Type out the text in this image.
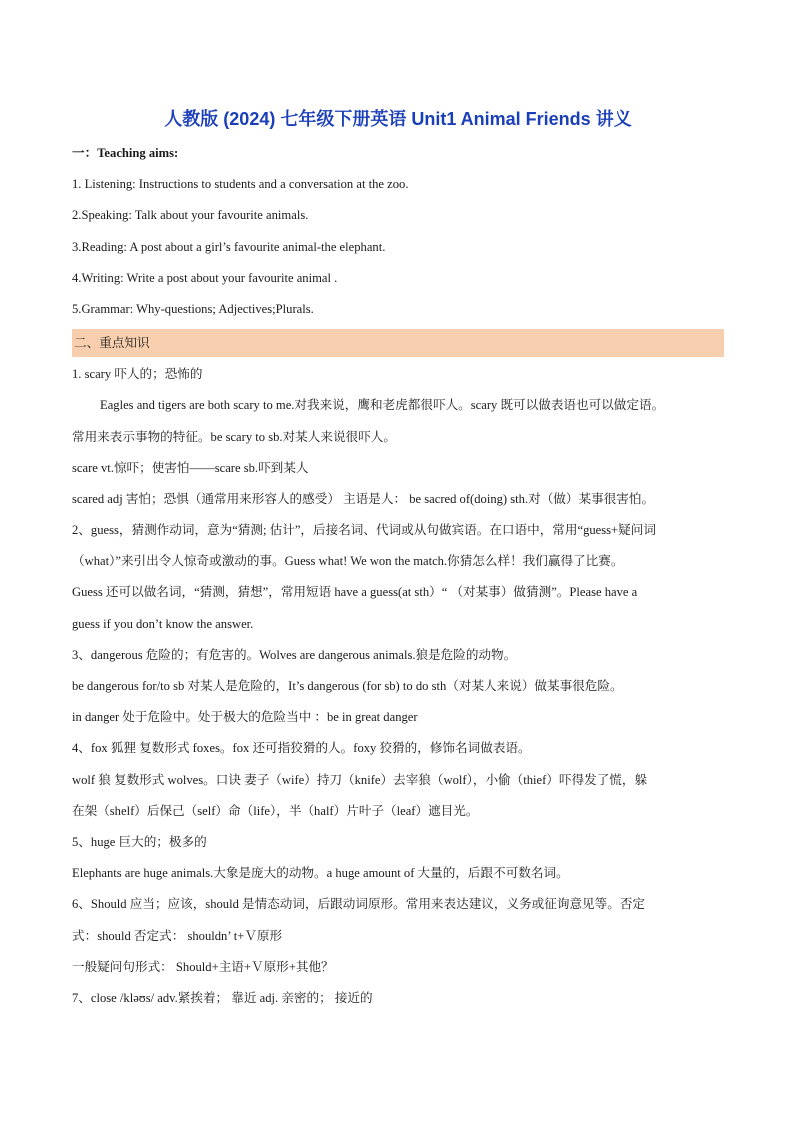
人教版 (2024) 七年级下册英语 Unit1 Animal Friends 讲义
一：Teaching aims:
1. Listening: Instructions to students and a conversation at the zoo.
2.Speaking: Talk about your favourite animals.
3.Reading: A post about a girl’s favourite animal-the elephant.
4.Writing: Write a post about your favourite animal .
5.Grammar: Why-questions; Adjectives;Plurals.
二、重点知识
1. scary 吓人的；恐怖的
Eagles and tigers are both scary to me.对我来说，鹰和老虎都很吓人。scary 既可以做表语也可以做定语。
常用来表示事物的特征。be scary to sb.对某人来说很吓人。
scare vt.惊吓；使害怕——scare sb.吓到某人
scared adj 害怕；恐惧（通常用来形容人的感受） 主语是人： be sacred of(doing) sth.对（做）某事很害怕。
2、guess，猜测作动词，意为“猜测; 估计”，后接名词、代词或从句做宾语。在口语中，常用“guess+疑问词
（what）”来引出令人惊奇或激动的事。Guess what! We won the match.你猜怎么样！我们赢得了比赛。
Guess 还可以做名词，“猜测，猜想”，常用短语 have a guess(at sth）“ （对某事）做猜测”。Please have a
guess if you don’t know the answer.
3、dangerous 危险的；有危害的。Wolves are dangerous animals.狼是危险的动物。
be dangerous for/to sb 对某人是危险的，It’s dangerous (for sb) to do sth（对某人来说）做某事很危险。
in danger 处于危险中。处于极大的危险当中 ：be in great danger
4、fox 狐狸 复数形式 foxes。fox 还可指狡猾的人。foxy 狡猾的，修饰名词做表语。
wolf 狼 复数形式 wolves。口诀 妻子（wife）持刀（knife）去宰狼（wolf），小偷（thief）吓得发了慌，躲
在架（shelf）后保己（self）命（life），半（half）片叶子（leaf）遮目光。
5、huge 巨大的；极多的
Elephants are huge animals.大象是庞大的动物。a huge amount of 大量的，后跟不可数名词。
6、Should 应当；应该，should 是情态动词，后跟动词原形。常用来表达建议，义务或征询意见等。否定
式：should 否定式： shouldn’ t+Ｖ原形
一般疑问句形式： Should+主语+Ｖ原形+其他？
7、close /kləʊs/ adv.紧挨着； 靠近 adj. 亲密的； 接近的
